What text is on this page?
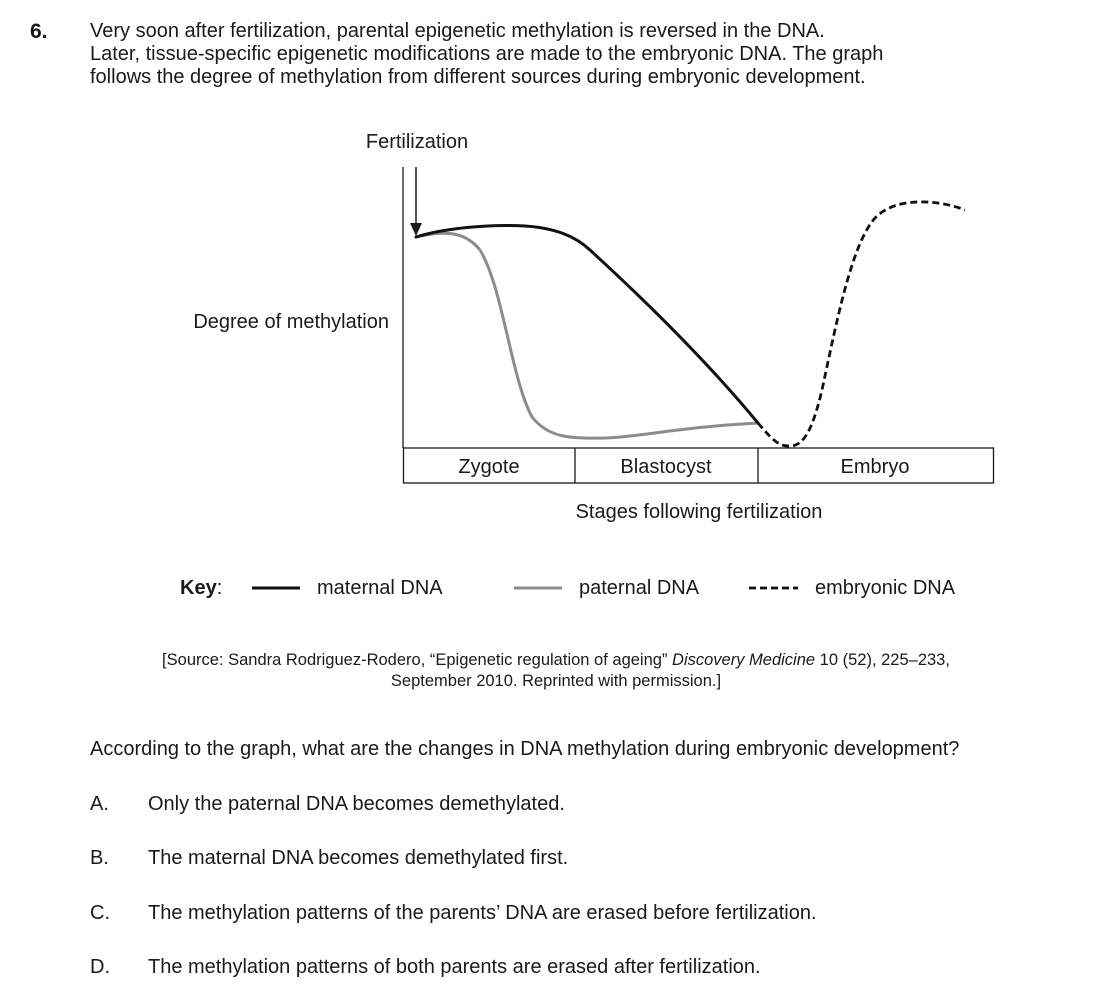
6. Very soon after fertilization, parental epigenetic methylation is reversed in the DNA.
Later, tissue-specific epigenetic modifications are made to the embryonic DNA. The graph
follows the degree of methylation from different sources during embryonic development.
Fertilization
Degree of methylation
Zygote	Blastocyst	Embryo
Stages following fertilization
Key:	maternal DNA	paternal DNA	embryonic DNA
[Source: Sandra Rodriguez-Rodero, “Epigenetic regulation of ageing” Discovery Medicine 10 (52), 225–233,
September 2010. Reprinted with permission.]
According to the graph, what are the changes in DNA methylation during embryonic development?
A. Only the paternal DNA becomes demethylated.
B. The maternal DNA becomes demethylated first.
C. The methylation patterns of the parents’ DNA are erased before fertilization.
D. The methylation patterns of both parents are erased after fertilization.
